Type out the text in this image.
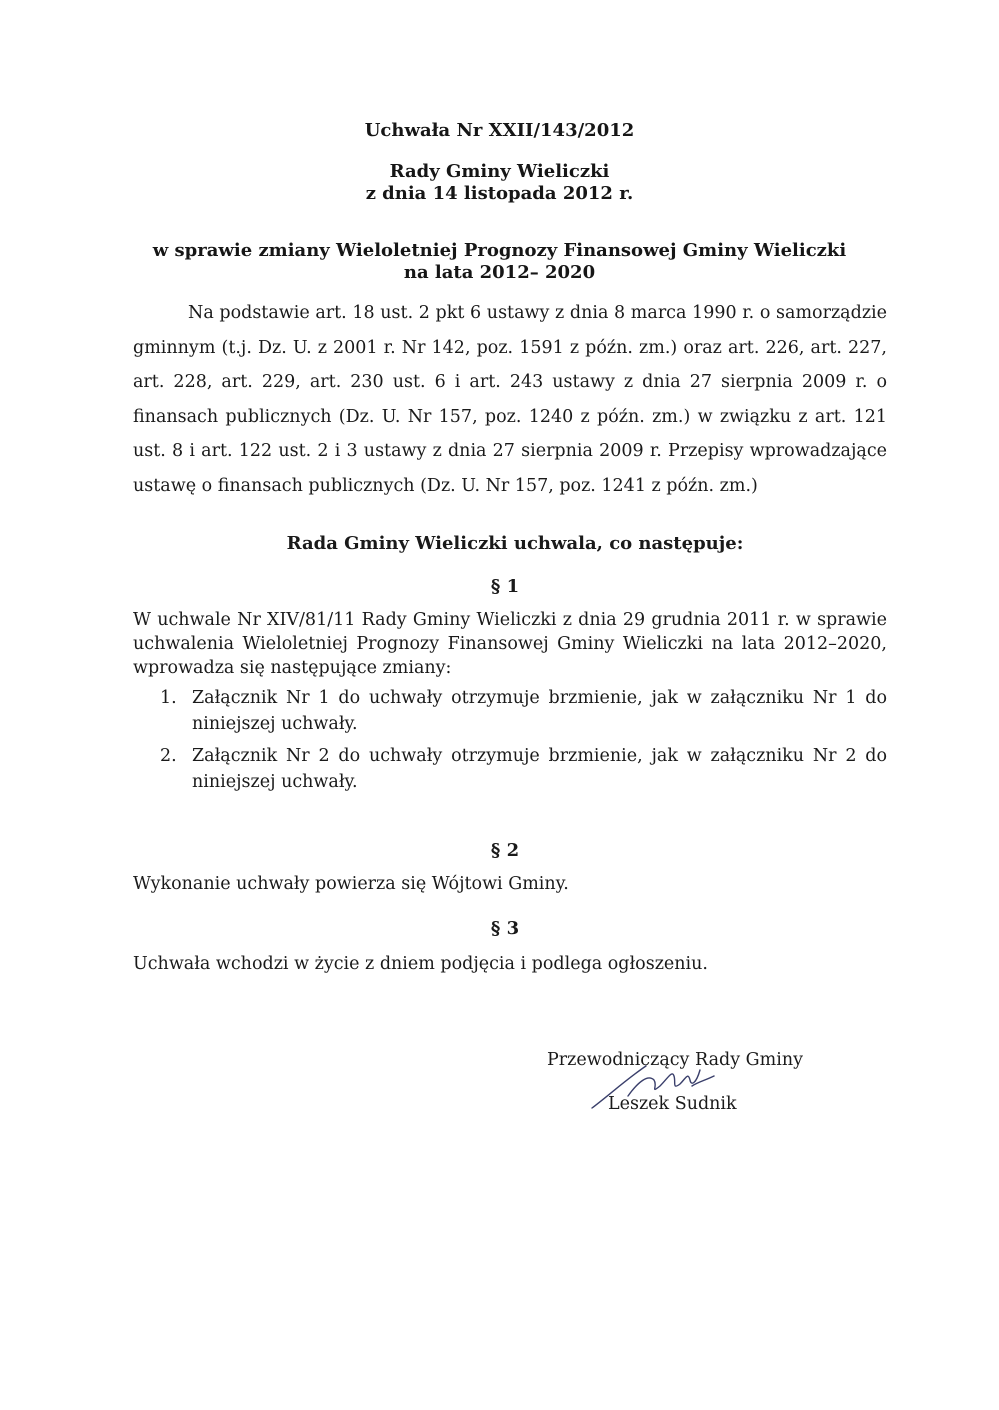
Uchwała Nr XXII/143/2012
Rady Gminy Wieliczki
z dnia 14 listopada 2012 r.
w sprawie zmiany Wieloletniej Prognozy Finansowej Gminy Wieliczki
na lata 2012– 2020
Na podstawie art. 18 ust. 2 pkt 6 ustawy z dnia 8 marca 1990 r. o samorządzie gminnym (t.j. Dz. U. z 2001 r. Nr 142, poz. 1591 z późn. zm.) oraz art. 226, art. 227, art. 228, art. 229, art. 230 ust. 6 i art. 243 ustawy z dnia 27 sierpnia 2009 r. o finansach publicznych (Dz. U. Nr 157, poz. 1240 z późn. zm.) w związku z art. 121 ust. 8 i art. 122 ust. 2 i 3 ustawy z dnia 27 sierpnia 2009 r. Przepisy wprowadzające ustawę o finansach publicznych (Dz. U. Nr 157, poz. 1241 z późn. zm.)
Rada Gminy Wieliczki uchwala, co następuje:
§ 1
W uchwale Nr XIV/81/11 Rady Gminy Wieliczki z dnia 29 grudnia 2011 r. w sprawie uchwalenia Wieloletniej Prognozy Finansowej Gminy Wieliczki na lata 2012–2020, wprowadza się następujące zmiany:
1. Załącznik Nr 1 do uchwały otrzymuje brzmienie, jak w załączniku Nr 1 do niniejszej uchwały.
2. Załącznik Nr 2 do uchwały otrzymuje brzmienie, jak w załączniku Nr 2 do niniejszej uchwały.
§ 2
Wykonanie uchwały powierza się Wójtowi Gminy.
§ 3
Uchwała wchodzi w życie z dniem podjęcia i podlega ogłoszeniu.
Przewodniczący Rady Gminy
Leszek Sudnik
